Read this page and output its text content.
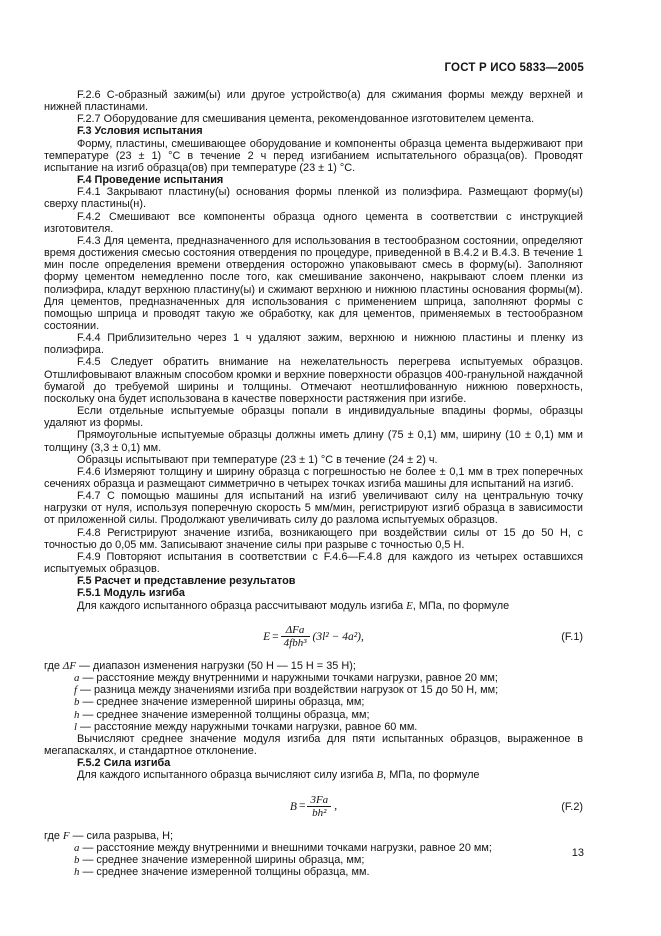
ГОСТ Р ИСО 5833—2005

F.2.6 С-образный зажим(ы) или другое устройство(а) для сжимания формы между верхней и нижней пластинами.

F.2.7 Оборудование для смешивания цемента, рекомендованное изготовителем цемента.

F.3 Условия испытания

Форму, пластины, смешивающее оборудование и компоненты образца цемента выдерживают при температуре (23 ± 1) °С в течение 2 ч перед изгибанием испытательного образца(ов). Проводят испытание на изгиб образца(ов) при температуре (23 ± 1) °С.

F.4 Проведение испытания

F.4.1 Закрывают пластину(ы) основания формы пленкой из полиэфира. Размещают форму(ы) сверху пластины(н).

F.4.2 Смешивают все компоненты образца одного цемента в соответствии с инструкцией изготовителя.

F.4.3 Для цемента, предназначенного для использования в тестообразном состоянии, определяют время достижения смесью состояния отвердения по процедуре, приведенной в В.4.2 и В.4.3. В течение 1 мин после определения времени отвердения осторожно упаковывают смесь в форму(ы). Заполняют форму цементом немедленно после того, как смешивание закончено, накрывают слоем пленки из полиэфира, кладут верхнюю пластину(ы) и сжимают верхнюю и нижнюю пластины основания формы(м). Для цементов, предназначенных для использования с применением шприца, заполняют формы с помощью шприца и проводят такую же обработку, как для цементов, применяемых в тестообразном состоянии.

F.4.4 Приблизительно через 1 ч удаляют зажим, верхнюю и нижнюю пластины и пленку из полиэфира.

F.4.5 Следует обратить внимание на нежелательность перегрева испытуемых образцов. Отшлифовывают влажным способом кромки и верхние поверхности образцов 400-гранульной наждачной бумагой до требуемой ширины и толщины. Отмечают неотшлифованную нижнюю поверхность, поскольку она будет использована в качестве поверхности растяжения при изгибе.

Если отдельные испытуемые образцы попали в индивидуальные впадины формы, образцы удаляют из формы.

Прямоугольные испытуемые образцы должны иметь длину (75 ± 0,1) мм, ширину (10 ± 0,1) мм и толщину (3,3 ± 0,1) мм.

Образцы испытывают при температуре (23 ± 1) °С в течение (24 ± 2) ч.

F.4.6 Измеряют толщину и ширину образца с погрешностью не более ± 0,1 мм в трех поперечных сечениях образца и размещают симметрично в четырех точках изгиба машины для испытаний на изгиб.

F.4.7 С помощью машины для испытаний на изгиб увеличивают силу на центральную точку нагрузки от нуля, используя поперечную скорость 5 мм/мин, регистрируют изгиб образца в зависимости от приложенной силы. Продолжают увеличивать силу до разлома испытуемых образцов.

F.4.8 Регистрируют значение изгиба, возникающего при воздействии силы от 15 до 50 Н, с точностью до 0,05 мм. Записывают значение силы при разрыве с точностью 0,5 Н.

F.4.9 Повторяют испытания в соответствии с F.4.6—F.4.8 для каждого из четырех оставшихся испытуемых образцов.

F.5 Расчет и представление результатов

F.5.1 Модуль изгиба

Для каждого испытанного образца рассчитывают модуль изгиба E, МПа, по формуле

$E = \frac{\text{ΔFa}}{\text{4fbh³}} (3l^2 - 4a^2)$,	(F.1)

где ΔF — диапазон изменения нагрузки (50 Н — 15 Н = 35 Н);

a — расстояние между внутренними и наружными точками нагрузки, равное 20 мм;

f — разница между значениями изгиба при воздействии нагрузок от 15 до 50 Н, мм;

b — среднее значение измеренной ширины образца, мм;

h — среднее значение измеренной толщины образца, мм;

l — расстояние между наружными точками нагрузки, равное 60 мм.

Вычисляют среднее значение модуля изгиба для пяти испытанных образцов, выраженное в мегапаскалях, и стандартное отклонение.

F.5.2 Сила изгиба

Для каждого испытанного образца вычисляют силу изгиба B, МПа, по формуле

$B = \frac{3Fa}{\text{bh²}}$ ,	(F.2)

где F — сила разрыва, Н;

a — расстояние между внутренними и внешними точками нагрузки, равное 20 мм;

b — среднее значение измеренной ширины образца, мм;

h — среднее значение измеренной толщины образца, мм.

13
